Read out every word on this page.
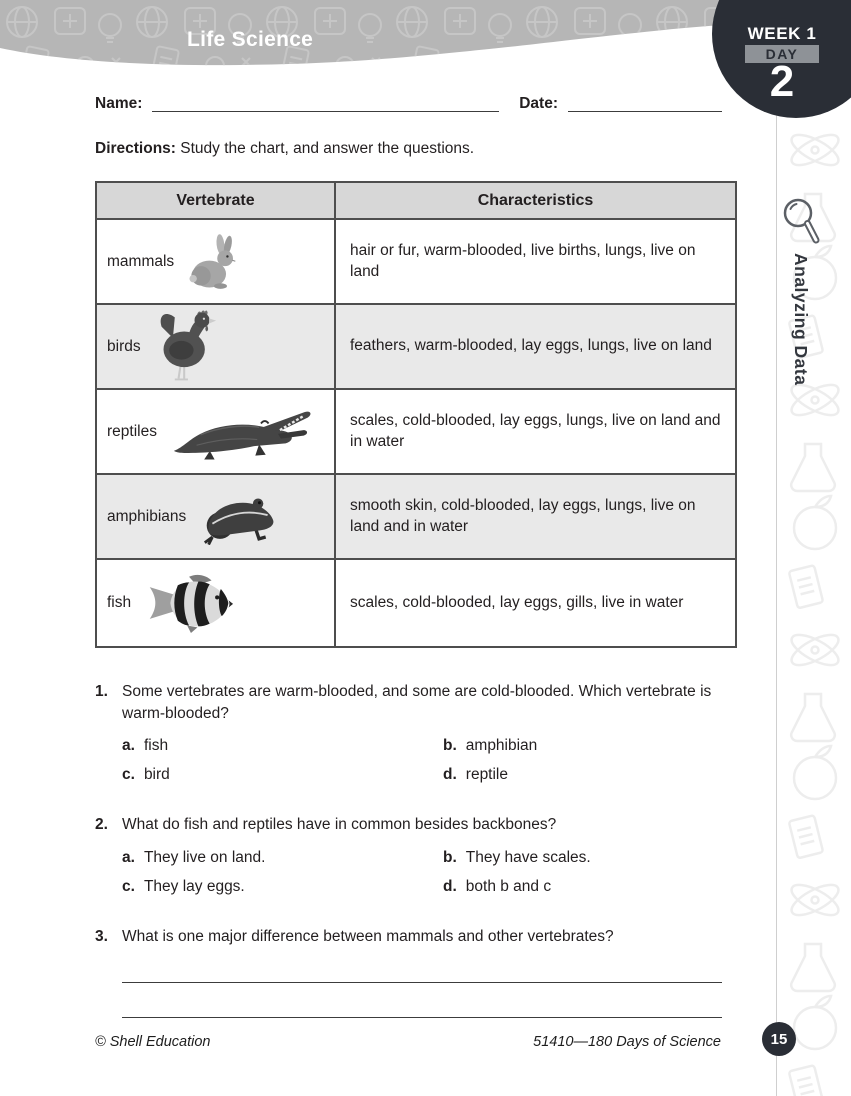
Life Science	WEEK 1
DAY
2
Analyzing Data
Name:	Date:
Directions: Study the chart, and answer the questions.
Vertebrate	Characteristics

mammals	hair or fur, warm-blooded, live births, lungs, live on land

birds	feathers, warm-blooded, lay eggs, lungs, live on land

reptiles	scales, cold-blooded, lay eggs, lungs, live on land and in water

amphibians	smooth skin, cold-blooded, lay eggs, lungs, live on land and in water

fish	scales, cold-blooded, lay eggs, gills, live in water
1. Some vertebrates are warm-blooded, and some are cold-blooded. Which vertebrate is warm-blooded?
a. fish	b. amphibian
c. bird	d. reptile
2. What do fish and reptiles have in common besides backbones?
a. They live on land.	b. They have scales.
c. They lay eggs.	d. both b and c
3. What is one major difference between mammals and other vertebrates?
© Shell Education	51410—180 Days of Science	15
